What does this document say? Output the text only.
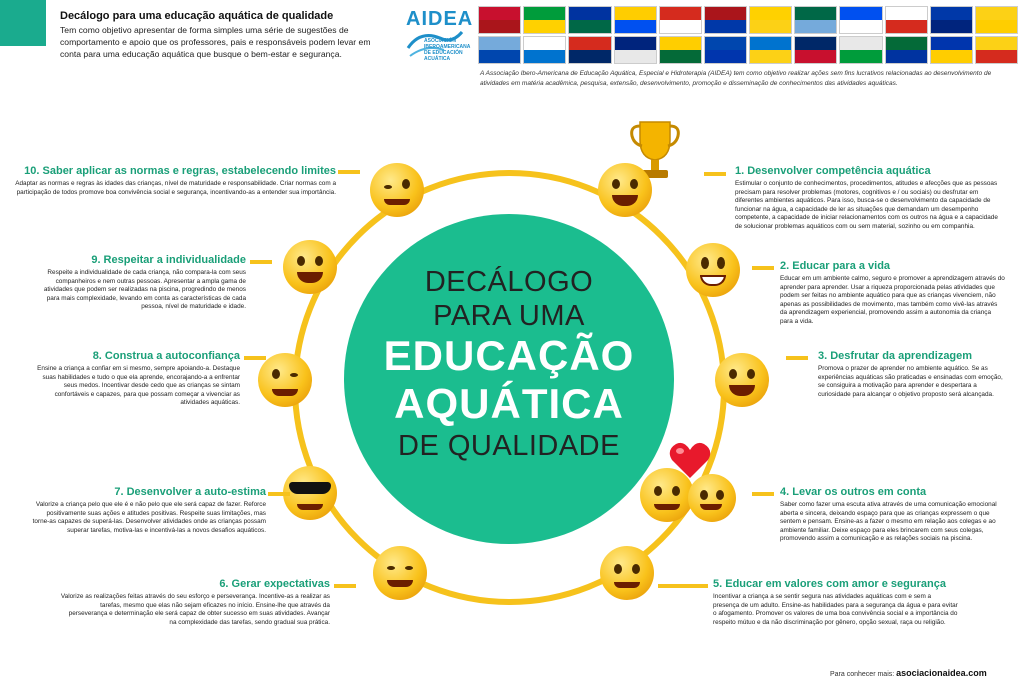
Decálogo para uma educação aquática de qualidade
Tem como objetivo apresentar de forma simples uma série de sugestões de comportamento e apoio que os professores, pais e responsáveis podem levar em conta para uma educação aquática que busque o bem-estar e segurança.
AIDEA
ASOCIACIÓN IBEROAMERICANA DE EDUCACIÓN ACUÁTICA
A Associação Ibero-Americana de Educação Aquática, Especial e Hidroterapia (AIDEA) tem como objetivo realizar ações sem fins lucrativos relacionadas ao desenvolvimento de atividades em matéria acadêmica, pesquisa, extensão, desenvolvimento, promoção e disseminação de conhecimentos das atividades aquáticas.
DECÁLOGO
PARA UMA
EDUCAÇÃO
AQUÁTICA
DE QUALIDADE
1. Desenvolver competência aquática

Estimular o conjunto de conhecimentos, procedimentos, atitudes e afecções que as pessoas precisam para resolver problemas (motores, cognitivos e / ou sociais) ou desfrutar em diferentes ambientes aquáticos. Para isso, busca-se o desenvolvimento da capacidade de funcionar na água, a capacidade de ler as situações que demandam um desempenho competente, a capacidade de iniciar relacionamentos com os outros na água e a capacidade de solucionar problemas aquáticos com ou sem material, sozinho ou em companhia.

2. Educar para a vida

Educar em um ambiente calmo, seguro e promover a aprendizagem através do aprender para aprender. Usar a riqueza proporcionada pelas atividades que podem ser feitas no ambiente aquático para que as crianças vivenciem, não apenas as possibilidades de movimento, mas também como vivê-las através da aprendizagem experiencial, promovendo assim a autonomia da criança para a vida.

3. Desfrutar da aprendizagem

Promova o prazer de aprender no ambiente aquático. Se as experiências aquáticas são praticadas e ensinadas com emoção, se consiguira a motivação para aprender e despertara a curiosidade para alcançar o objetivo proposto será alcançada.

4. Levar os outros em conta

Saber como fazer uma escuta ativa através de uma comunicação emocional aberta e sincera, deixando espaço para que as crianças expressem o que sentem e pensam. Ensine-as a fazer o mesmo em relação aos colegas e ao ambiente familiar. Deixe espaço para eles brincarem com seus colegas, promovendo assim a comunicação e as relações sociais na piscina.

5. Educar em valores com amor e segurança

Incentivar a criança a se sentir segura nas atividades aquáticas com e sem a presença de um adulto. Ensine-as habilidades para a segurança da água e para evitar o afogamento. Promover os valores de uma boa convivência social e a importância do respeito mútuo e da não discriminação por gênero, opção sexual, raça ou religião.

6. Gerar expectativas

Valorize as realizações feitas através do seu esforço e perseverança. Incentive-as a realizar as tarefas, mesmo que elas não sejam eficazes no início. Ensine-lhe que através da perseverança e determinação ele será capaz de obter sucesso em suas atividades. Avançar na complexidade das tarefas, sendo gradual sua prática.

7. Desenvolver a auto-estima

Valorize a criança pelo que ele é e não pelo que ele será capaz de fazer. Reforce positivamente suas ações e atitudes positivas. Respeite suas limitações, mas torne-as capazes de superá-las. Desenvolver atividades onde as crianças possam superar tarefas, motiva-las e incentivá-las a novos desafios aquáticos.

8. Construa a autoconfiança

Ensine a criança a confiar em si mesmo, sempre apoiando-a. Destaque suas habilidades e tudo o que ela aprende, encorajando-a a enfrentar seus medos. Incentivar desde cedo que as crianças se sintam confortáveis e capazes, para que possam começar a vivenciar as atividades aquáticas.

9. Respeitar a individualidade

Respeite a individualidade de cada criança, não compara-la com seus companheiros e nem outras pessoas. Apresentar a ampla gama de atividades que podem ser realizadas na piscina, progredindo de menos para mais complexidade, levando em conta as características de cada pessoa, nível de maturidade e idade.

10. Saber aplicar as normas e regras, estabelecendo limites

Adaptar as normas e regras às idades das crianças, nível de maturidade e responsabilidade. Criar normas com a participação de todos promove boa convivência social e segurança, incentivando-as a entender sua importância.

Para conhecer mais: asociacionaidea.com
